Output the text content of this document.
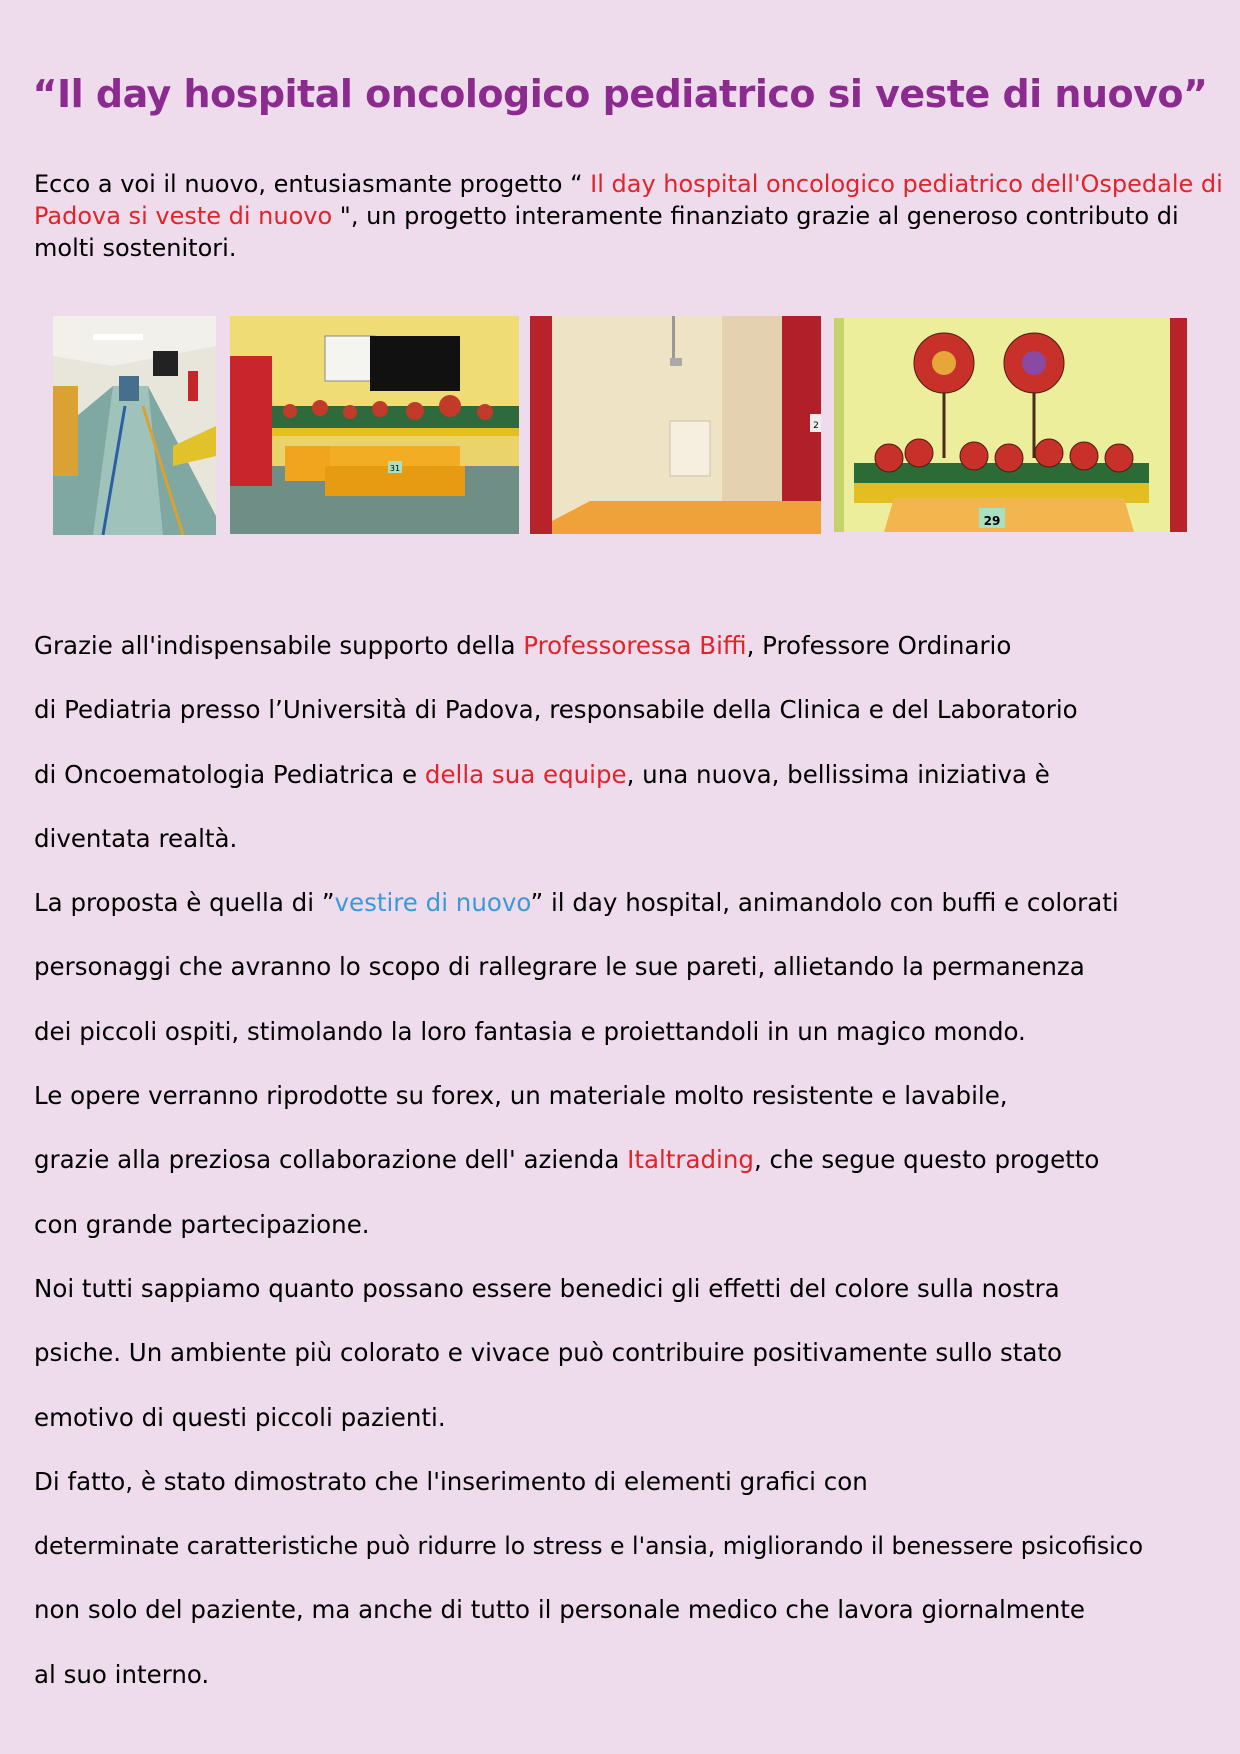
“Il day hospital oncologico pediatrico si veste di nuovo”
Ecco a voi il nuovo, entusiasmante progetto “ Il day hospital oncologico pediatrico dell'Ospedale di Padova si veste di nuovo ", un progetto interamente finanziato grazie al generoso contributo di molti sostenitori.
31
2
29

Grazie all'indispensabile supporto della Professoressa Biffi, Professore Ordinario

di Pediatria presso l’Università di Padova, responsabile della Clinica e del Laboratorio

di Oncoematologia Pediatrica e della sua equipe, una nuova, bellissima iniziativa è

diventata realtà.

La proposta è quella di ”vestire di nuovo” il day hospital, animandolo con buffi e colorati

personaggi che avranno lo scopo di rallegrare le sue pareti, allietando la permanenza

dei piccoli ospiti, stimolando la loro fantasia e proiettandoli in un magico mondo.

Le opere verranno riprodotte su forex, un materiale molto resistente e lavabile,

grazie alla preziosa collaborazione dell' azienda Italtrading, che segue questo progetto

con grande partecipazione.

Noi tutti sappiamo quanto possano essere benedici gli effetti del colore sulla nostra

psiche. Un ambiente più colorato e vivace può contribuire positivamente sullo stato

emotivo di questi piccoli pazienti.

Di fatto, è stato dimostrato che l'inserimento di elementi grafici con

determinate caratteristiche può ridurre lo stress e l'ansia, migliorando il benessere psicofisico

non solo del paziente, ma anche di tutto il personale medico che lavora giornalmente

al suo interno.
